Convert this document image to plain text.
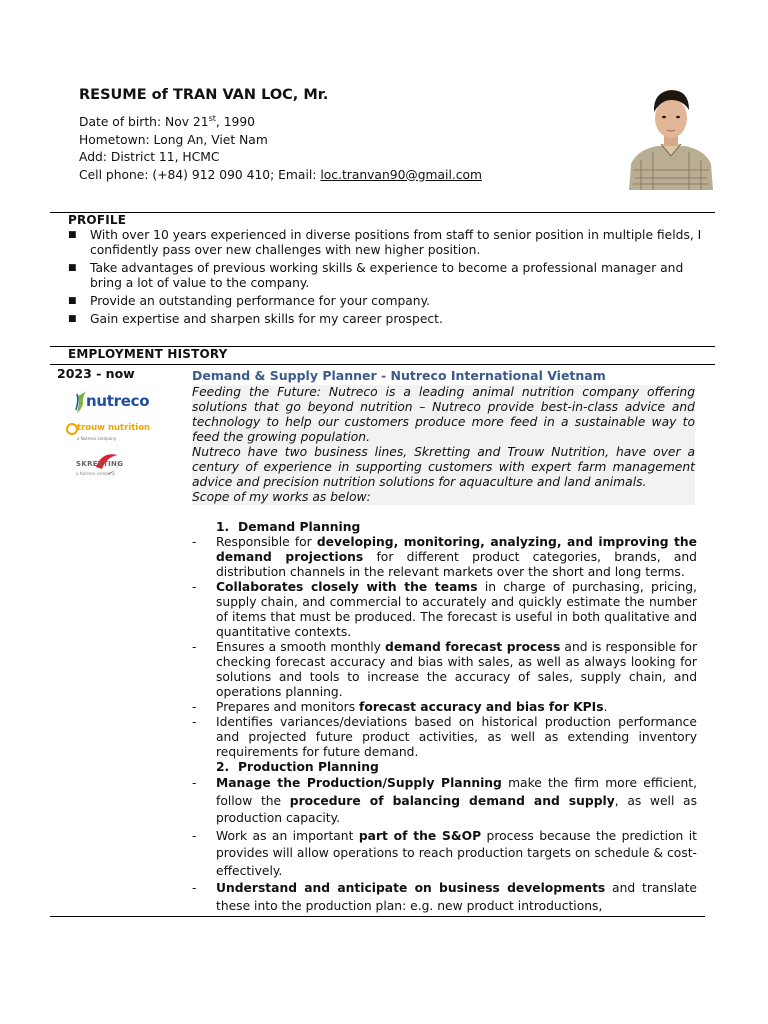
RESUME of TRAN VAN LOC, Mr.
Date of birth: Nov 21st, 1990
Hometown: Long An, Viet Nam
Add: District 11, HCMC
Cell phone: (+84) 912 090 410; Email: loc.tranvan90@gmail.com
PROFILE
■ With over 10 years experienced in diverse positions from staff to senior position in multiple fields, I confidently pass over new challenges with new higher position.
■ Take advantages of previous working skills & experience to become a professional manager and bring a lot of value to the company.
■ Provide an outstanding performance for your company.
■ Gain expertise and sharpen skills for my career prospect.
EMPLOYMENT HISTORY
2023 - now
nutreco
trouw nutrition
a Nutreco company
SKRETTING
a Nutreco company
Demand & Supply Planner - Nutreco International Vietnam

Feeding the Future: Nutreco is a leading animal nutrition company offering solutions that go beyond nutrition – Nutreco provide best-in-class advice and technology to help our customers produce more feed in a sustainable way to feed the growing population.

Nutreco have two business lines, Skretting and Trouw Nutrition, have over a century of experience in supporting customers with expert farm management advice and precision nutrition solutions for aquaculture and land animals.

Scope of my works as below:

1. Demand Planning
- Responsible for developing, monitoring, analyzing, and improving the demand projections for different product categories, brands, and distribution channels in the relevant markets over the short and long terms.
- Collaborates closely with the teams in charge of purchasing, pricing, supply chain, and commercial to accurately and quickly estimate the number of items that must be produced. The forecast is useful in both qualitative and quantitative contexts.
- Ensures a smooth monthly demand forecast process and is responsible for checking forecast accuracy and bias with sales, as well as always looking for solutions and tools to increase the accuracy of sales, supply chain, and operations planning.
- Prepares and monitors forecast accuracy and bias for KPIs.
- Identifies variances/deviations based on historical production performance and projected future product activities, as well as extending inventory requirements for future demand.
2. Production Planning
- Manage the Production/Supply Planning make the firm more efficient, follow the procedure of balancing demand and supply, as well as production capacity.
- Work as an important part of the S&OP process because the prediction it provides will allow operations to reach production targets on schedule & cost-effectively.
- Understand and anticipate on business developments and translate these into the production plan: e.g. new product introductions,
